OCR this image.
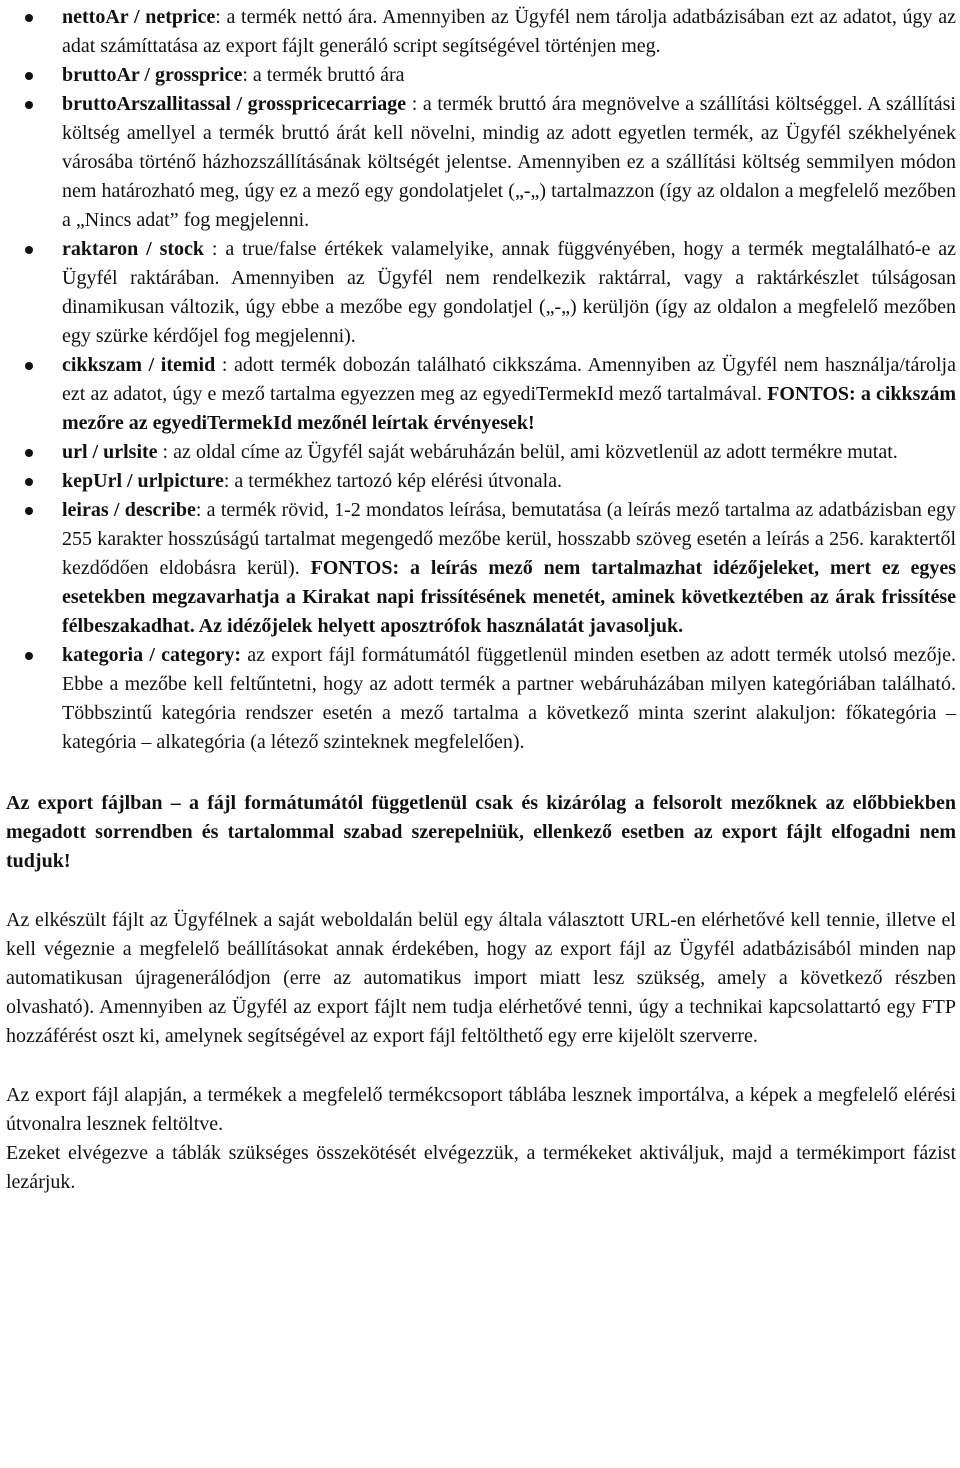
nettoAr / netprice: a termék nettó ára. Amennyiben az Ügyfél nem tárolja adatbázisában ezt az adatot, úgy az adat számíttatása az export fájlt generáló script segítségével történjen meg.
bruttoAr / grossprice: a termék bruttó ára
bruttoArszallitassal / grosspricecarriage : a termék bruttó ára megnövelve a szállítási költséggel. A szállítási költség amellyel a termék bruttó árát kell növelni, mindig az adott egyetlen termék, az Ügyfél székhelyének városába történő házhozszállításának költségét jelentse. Amennyiben ez a szállítási költség semmilyen módon nem határozható meg, úgy ez a mező egy gondolatjelet („-„) tartalmazzon (így az oldalon a megfelelő mezőben a „Nincs adat” fog megjelenni.
raktaron / stock : a true/false értékek valamelyike, annak függvényében, hogy a termék megtalálható-e az Ügyfél raktárában. Amennyiben az Ügyfél nem rendelkezik raktárral, vagy a raktárkészlet túlságosan dinamikusan változik, úgy ebbe a mezőbe egy gondolatjel („-„) kerüljön (így az oldalon a megfelelő mezőben egy szürke kérdőjel fog megjelenni).
cikkszam / itemid : adott termék dobozán található cikkszáma. Amennyiben az Ügyfél nem használja/tárolja ezt az adatot, úgy e mező tartalma egyezzen meg az egyediTermekId mező tartalmával. FONTOS: a cikkszám mezőre az egyediTermekId mezőnél leírtak érvényesek!
url / urlsite : az oldal címe az Ügyfél saját webáruházán belül, ami közvetlenül az adott termékre mutat.
kepUrl / urlpicture: a termékhez tartozó kép elérési útvonala.
leiras / describe: a termék rövid, 1-2 mondatos leírása, bemutatása (a leírás mező tartalma az adatbázisban egy 255 karakter hosszúságú tartalmat megengedő mezőbe kerül, hosszabb szöveg esetén a leírás a 256. karaktertől kezdődően eldobásra kerül). FONTOS: a leírás mező nem tartalmazhat idézőjeleket, mert ez egyes esetekben megzavarhatja a Kirakat napi frissítésének menetét, aminek következtében az árak frissítése félbeszakadhat. Az idézőjelek helyett aposztrófok használatát javasoljuk.
kategoria / category: az export fájl formátumától függetlenül minden esetben az adott termék utolsó mezője. Ebbe a mezőbe kell feltűntetni, hogy az adott termék a partner webáruházában milyen kategóriában található. Többszintű kategória rendszer esetén a mező tartalma a következő minta szerint alakuljon: főkategória – kategória – alkategória (a létező szinteknek megfelelően).

Az export fájlban – a fájl formátumától függetlenül csak és kizárólag a felsorolt mezőknek az előbbiekben megadott sorrendben és tartalommal szabad szerepelniük, ellenkező esetben az export fájlt elfogadni nem tudjuk!

Az elkészült fájlt az Ügyfélnek a saját weboldalán belül egy általa választott URL-en elérhetővé kell tennie, illetve el kell végeznie a megfelelő beállításokat annak érdekében, hogy az export fájl az Ügyfél adatbázisából minden nap automatikusan újragenerálódjon (erre az automatikus import miatt lesz szükség, amely a következő részben olvasható). Amennyiben az Ügyfél az export fájlt nem tudja elérhetővé tenni, úgy a technikai kapcsolattartó egy FTP hozzáférést oszt ki, amelynek segítségével az export fájl feltölthető egy erre kijelölt szerverre.

Az export fájl alapján, a termékek a megfelelő termékcsoport táblába lesznek importálva, a képek a megfelelő elérési útvonalra lesznek feltöltve.

Ezeket elvégezve a táblák szükséges összekötését elvégezzük, a termékeket aktiváljuk, majd a termékimport fázist lezárjuk.
